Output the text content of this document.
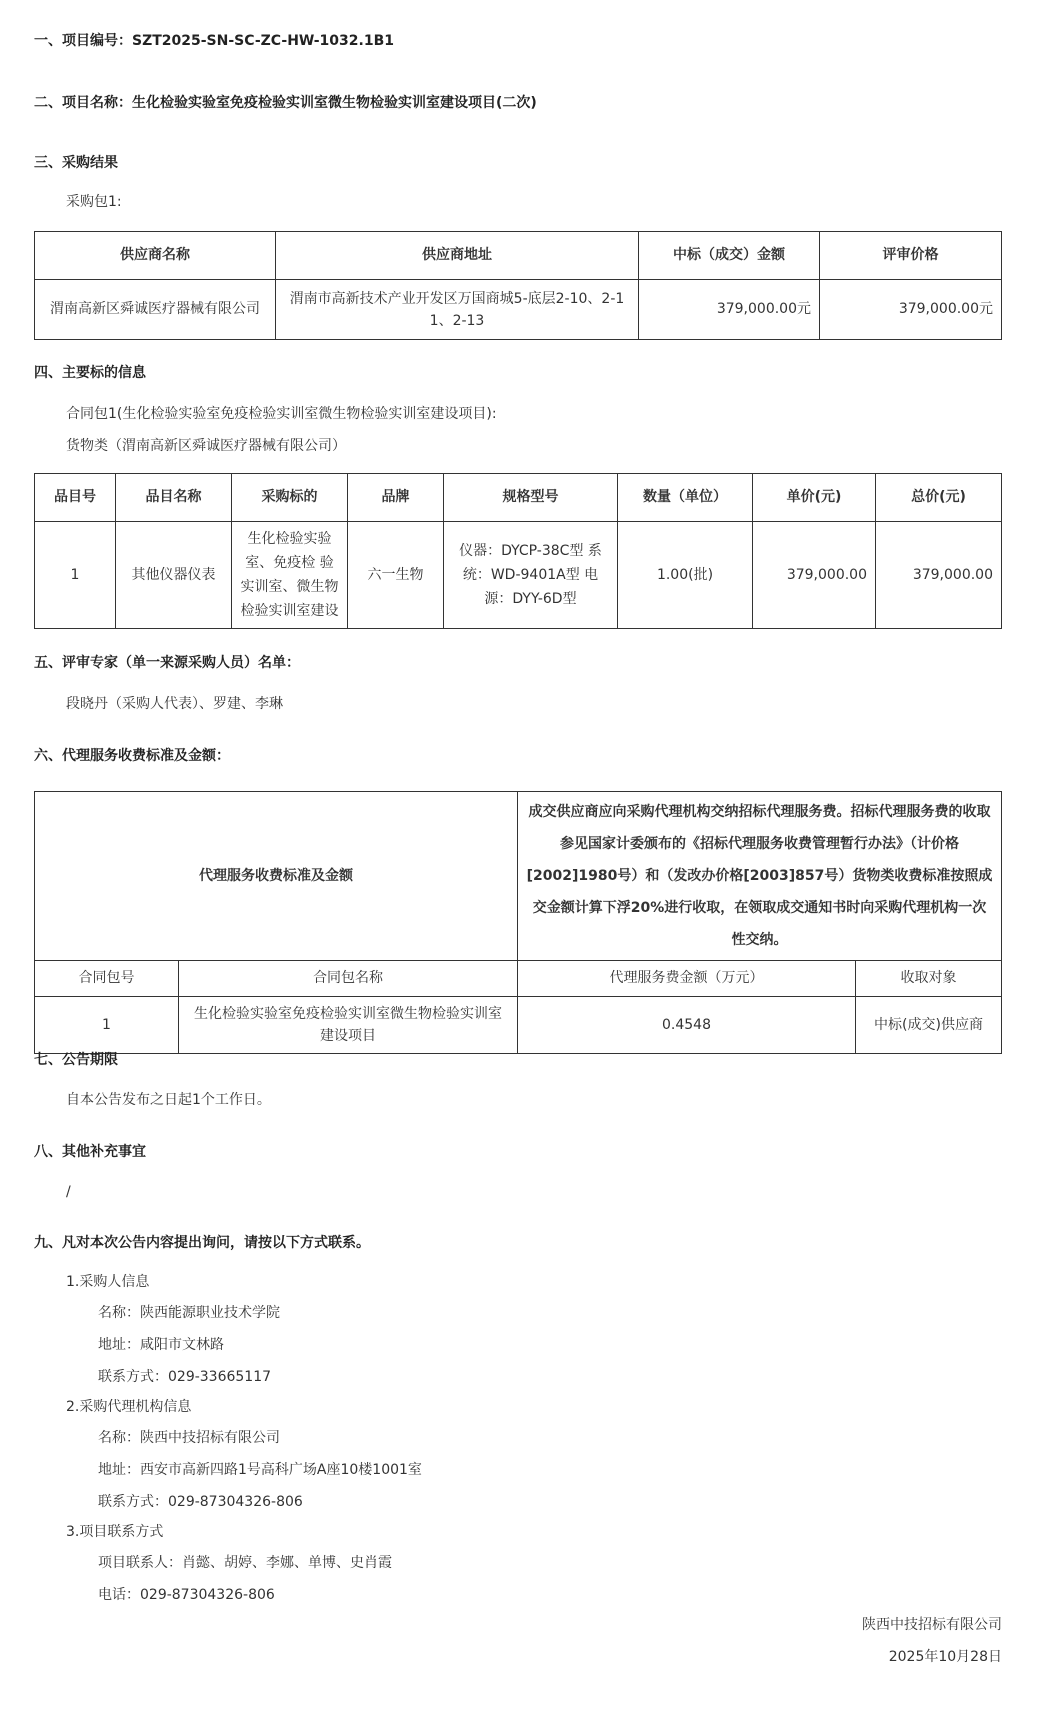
一、项目编号：SZT2025-SN-SC-ZC-HW-1032.1B1
二、项目名称：生化检验实验室免疫检验实训室微生物检验实训室建设项目(二次)
三、采购结果
采购包1:
供应商名称	供应商地址	中标（成交）金额	评审价格
渭南高新区舜诚医疗器械有限公司	渭南市高新技术产业开发区万国商城5-底层2-10、2-11、2-13	379,000.00元	379,000.00元
四、主要标的信息
合同包1(生化检验实验室免疫检验实训室微生物检验实训室建设项目):
货物类（渭南高新区舜诚医疗器械有限公司）
品目号	品目名称	采购标的	品牌	规格型号	数量（单位）	单价(元)	总价(元)
1	其他仪器仪表	生化检验实验室、免疫检 验实训室、微生物检验实训室建设	六一生物	仪器：DYCP-38C型 系统：WD-9401A型 电源：DYY-6D型	1.00(批)	379,000.00	379,000.00
五、评审专家（单一来源采购人员）名单：
段晓丹（采购人代表）、罗建、李琳
六、代理服务收费标准及金额：
代理服务收费标准及金额		成交供应商应向采购代理机构交纳招标代理服务费。招标代理服务费的收取参见国家计委颁布的《招标代理服务收费管理暂行办法》（计价格[2002]1980号）和（发改办价格[2003]857号）货物类收费标准按照成交金额计算下浮20%进行收取，在领取成交通知书时向采购代理机构一次性交纳。	
合同包号	合同包名称	代理服务费金额（万元）	收取对象
1	生化检验实验室免疫检验实训室微生物检验实训室建设项目	0.4548	中标(成交)供应商
七、公告期限
自本公告发布之日起1个工作日。
八、其他补充事宜
/
九、凡对本次公告内容提出询问，请按以下方式联系。
1.采购人信息
名称：陕西能源职业技术学院
地址：咸阳市文林路
联系方式：029-33665117
2.采购代理机构信息
名称：陕西中技招标有限公司
地址：西安市高新四路1号高科广场A座10楼1001室
联系方式：029-87304326-806
3.项目联系方式
项目联系人：肖懿、胡婷、李娜、单博、史肖霞
电话：029-87304326-806
陕西中技招标有限公司
2025年10月28日
